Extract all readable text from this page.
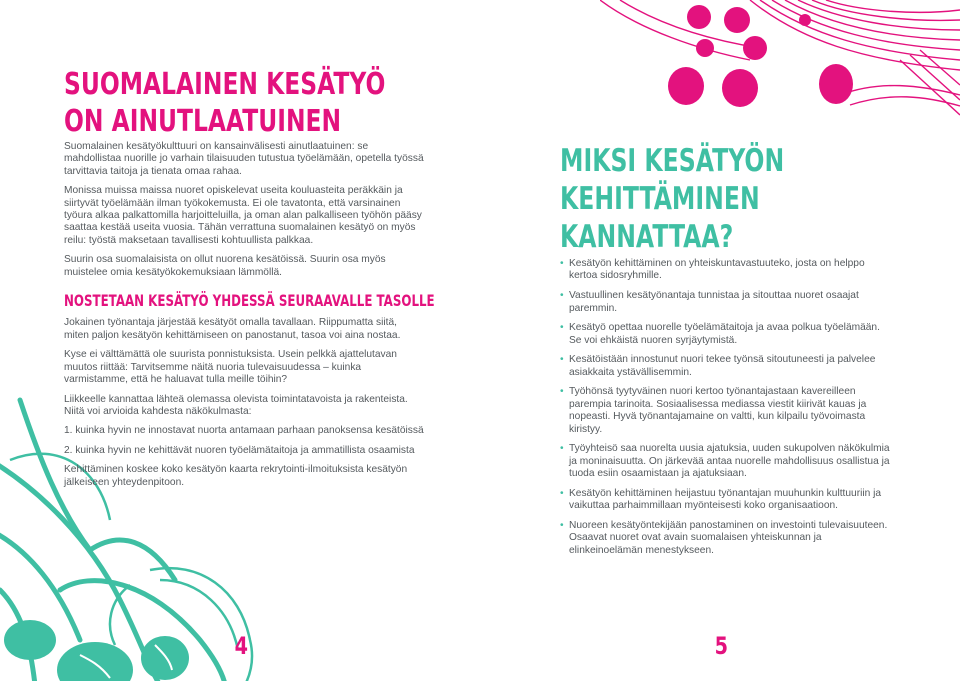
SUOMALAINEN KESÄTYÖ
ON AINUTLAATUINEN

Suomalainen kesätyökulttuuri on kansainvälisesti ainutlaatuinen: se mahdollistaa nuorille jo varhain tilaisuuden tutustua työelämään, opetella työssä tarvittavia taitoja ja tienata omaa rahaa.

Monissa muissa maissa nuoret opiskelevat useita kouluasteita peräkkäin ja siirtyvät työelämään ilman työkokemusta. Ei ole tavatonta, että varsinainen työura alkaa palkattomilla harjoitteluilla, ja oman alan palkalliseen työhön pääsy saattaa kestää useita vuosia. Tähän verrattuna suomalainen kesätyö on myös reilu: työstä maksetaan tavallisesti kohtuullista palkkaa.

Suurin osa suomalaisista on ollut nuorena kesätöissä. Suurin osa myös muistelee omia kesätyökokemuksiaan lämmöllä.

NOSTETAAN KESÄTYÖ YHDESSÄ SEURAAVALLE TASOLLE

Jokainen työnantaja järjestää kesätyöt omalla tavallaan. Riippumatta siitä, miten paljon kesätyön kehittämiseen on panostanut, tasoa voi aina nostaa.

Kyse ei välttämättä ole suurista ponnistuksista. Usein pelkkä ajattelutavan muutos riittää: Tarvitsemme näitä nuoria tulevaisuudessa – kuinka varmistamme, että he haluavat tulla meille töihin?

Liikkeelle kannattaa lähteä olemassa olevista toimintatavoista ja rakenteista. Niitä voi arvioida kahdesta näkökulmasta:

1. kuinka hyvin ne innostavat nuorta antamaan parhaan panoksensa kesätöissä

2. kuinka hyvin ne kehittävät nuoren työelämätaitoja ja ammatillista osaamista

Kehittäminen koskee koko kesätyön kaarta rekrytointi-ilmoituksista kesätyön jälkeiseen yhteydenpitoon.

4
MIKSI KESÄTYÖN
KEHITTÄMINEN
KANNATTAA?
• Kesätyön kehittäminen on yhteiskuntavastuuteko, josta on helppo kertoa sidosryhmille.
• Vastuullinen kesätyönantaja tunnistaa ja sitouttaa nuoret osaajat paremmin.
• Kesätyö opettaa nuorelle työelämätaitoja ja avaa polkua työelämään. Se voi ehkäistä nuoren syrjäytymistä.
• Kesätöistään innostunut nuori tekee työnsä sitoutuneesti ja palvelee asiakkaita ystävällisemmin.
• Työhönsä tyytyväinen nuori kertoo työnantajastaan kavereilleen parempia tarinoita. Sosiaalisessa mediassa viestit kiirivät kauas ja nopeasti. Hyvä työnantajamaine on valtti, kun kilpailu työvoimasta kiristyy.
• Työyhteisö saa nuorelta uusia ajatuksia, uuden sukupolven näkökulmia ja moninaisuutta. On järkevää antaa nuorelle mahdollisuus osallistua ja tuoda esiin osaamistaan ja ajatuksiaan.
• Kesätyön kehittäminen heijastuu työnantajan muuhunkin kulttuuriin ja vaikuttaa parhaimmillaan myönteisesti koko organisaatioon.
• Nuoreen kesätyöntekijään panostaminen on investointi tulevaisuuteen. Osaavat nuoret ovat avain suomalaisen yhteiskunnan ja elinkeinoelämän menestykseen.
5
